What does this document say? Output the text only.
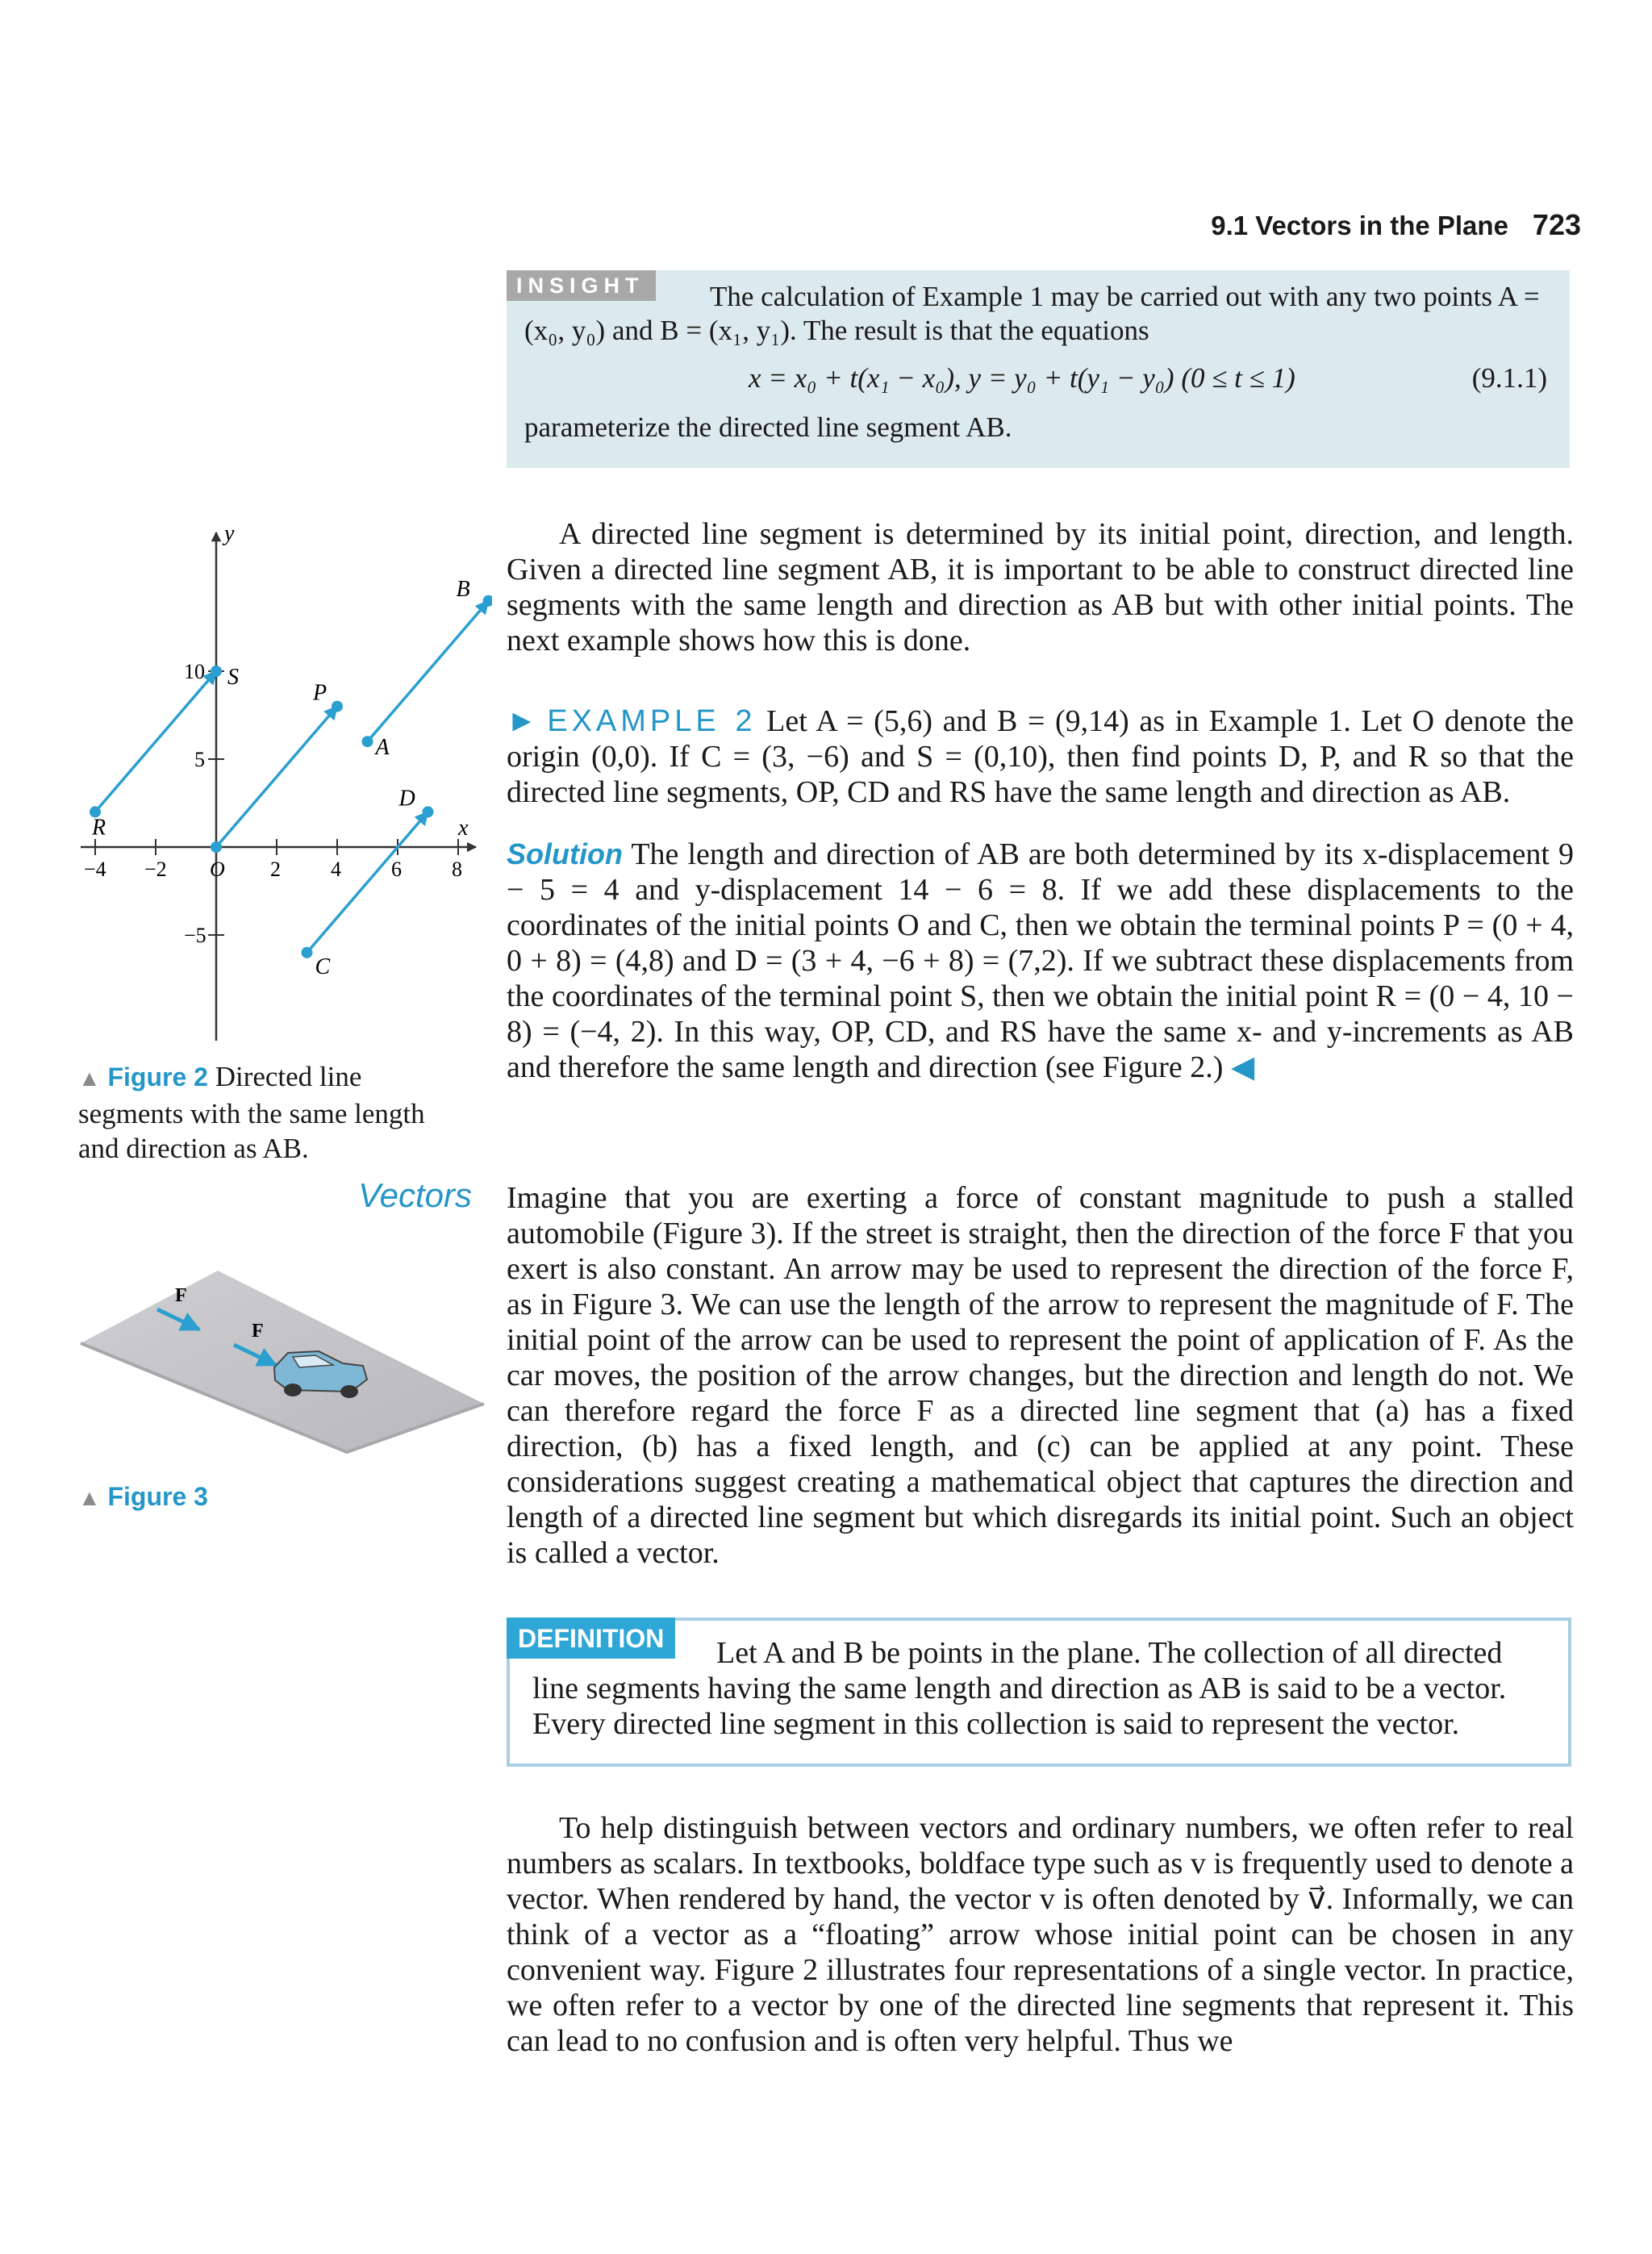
9.1 Vectors in the Plane 723
INSIGHT	The calculation of Example 1 may be carried out with any two points A = (x₀, y₀) and B = (x₁, y₁). The result is that the equations
x = x₀ + t(x₁ − x₀), y = y₀ + t(y₁ − y₀) (0 ≤ t ≤ 1)	(9.1.1)
parameterize the directed line segment AB.
A directed line segment is determined by its initial point, direction, and length. Given a directed line segment AB, it is important to be able to construct directed line segments with the same length and direction as AB but with other initial points. The next example shows how this is done.
► EXAMPLE 2 Let A = (5,6) and B = (9,14) as in Example 1. Let O denote the origin (0,0). If C = (3, −6) and S = (0,10), then find points D, P, and R so that the directed line segments, OP, CD and RS have the same length and direction as AB.
Solution The length and direction of AB are both determined by its x-displacement 9 − 5 = 4 and y-displacement 14 − 6 = 8. If we add these displacements to the coordinates of the initial points O and C, then we obtain the terminal points P = (0 + 4, 0 + 8) = (4,8) and D = (3 + 4, −6 + 8) = (7,2). If we subtract these displacements from the coordinates of the terminal point S, then we obtain the initial point R = (0 − 4, 10 − 8) = (−4, 2). In this way, OP, CD, and RS have the same x- and y-increments as AB and therefore the same length and direction (see Figure 2.) ◀
Vectors Imagine that you are exerting a force of constant magnitude to push a stalled automobile (Figure 3). If the street is straight, then the direction of the force F that you exert is also constant. An arrow may be used to represent the direction of the force F, as in Figure 3. We can use the length of the arrow to represent the magnitude of F. The initial point of the arrow can be used to represent the point of application of F. As the car moves, the position of the arrow changes, but the direction and length do not. We can therefore regard the force F as a directed line segment that (a) has a fixed direction, (b) has a fixed length, and (c) can be applied at any point. These considerations suggest creating a mathematical object that captures the direction and length of a directed line segment but which disregards its initial point. Such an object is called a vector.
DEFINITION	Let A and B be points in the plane. The collection of all directed line segments having the same length and direction as AB is said to be a vector. Every directed line segment in this collection is said to represent the vector.
To help distinguish between vectors and ordinary numbers, we often refer to real numbers as scalars. In textbooks, boldface type such as v is frequently used to denote a vector. When rendered by hand, the vector v is often denoted by v⃗. Informally, we can think of a vector as a “floating” arrow whose initial point can be chosen in any convenient way. Figure 2 illustrates four representations of a single vector. In practice, we often refer to a vector by one of the directed line segments that represent it. This can lead to no confusion and is often very helpful. Thus we
x
y
−4 −2 O 2 4 6 8
10
5
−5
R
S
P
A
B
C
D
▲ Figure 2 Directed line segments with the same length and direction as AB.
F
F
▲ Figure 3
